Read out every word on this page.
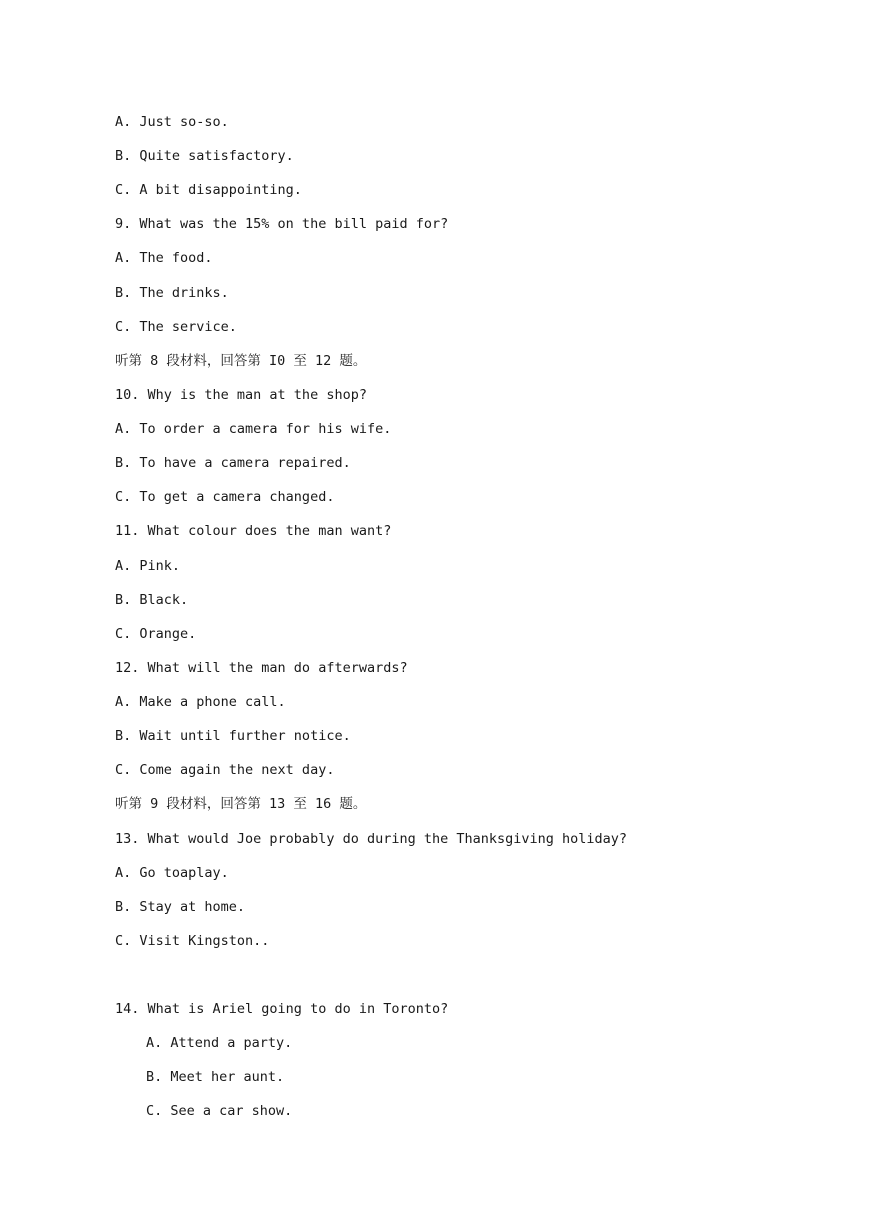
A. Just so-so.
B. Quite satisfactory.
C. A bit disappointing.
9. What was the 15% on the bill paid for?
A. The food.
B. The drinks.
C. The service.
听第 8 段材料，回答第 I0 至 12 题。
10. Why is the man at the shop?
A. To order a camera for his wife.
B. To have a camera repaired.
C. To get a camera changed.
11. What colour does the man want?
A. Pink.
B. Black.
C. Orange.
12. What will the man do afterwards?
A. Make a phone call.
B. Wait until further notice.
C. Come again the next day.
听第 9 段材料，回答第 13 至 16 题。
13. What would Joe probably do during the Thanksgiving holiday?
A. Go toaplay.
B. Stay at home.
C. Visit Kingston..
14. What is Ariel going to do in Toronto?
A. Attend a party.
B. Meet her aunt.
C. See a car show.
